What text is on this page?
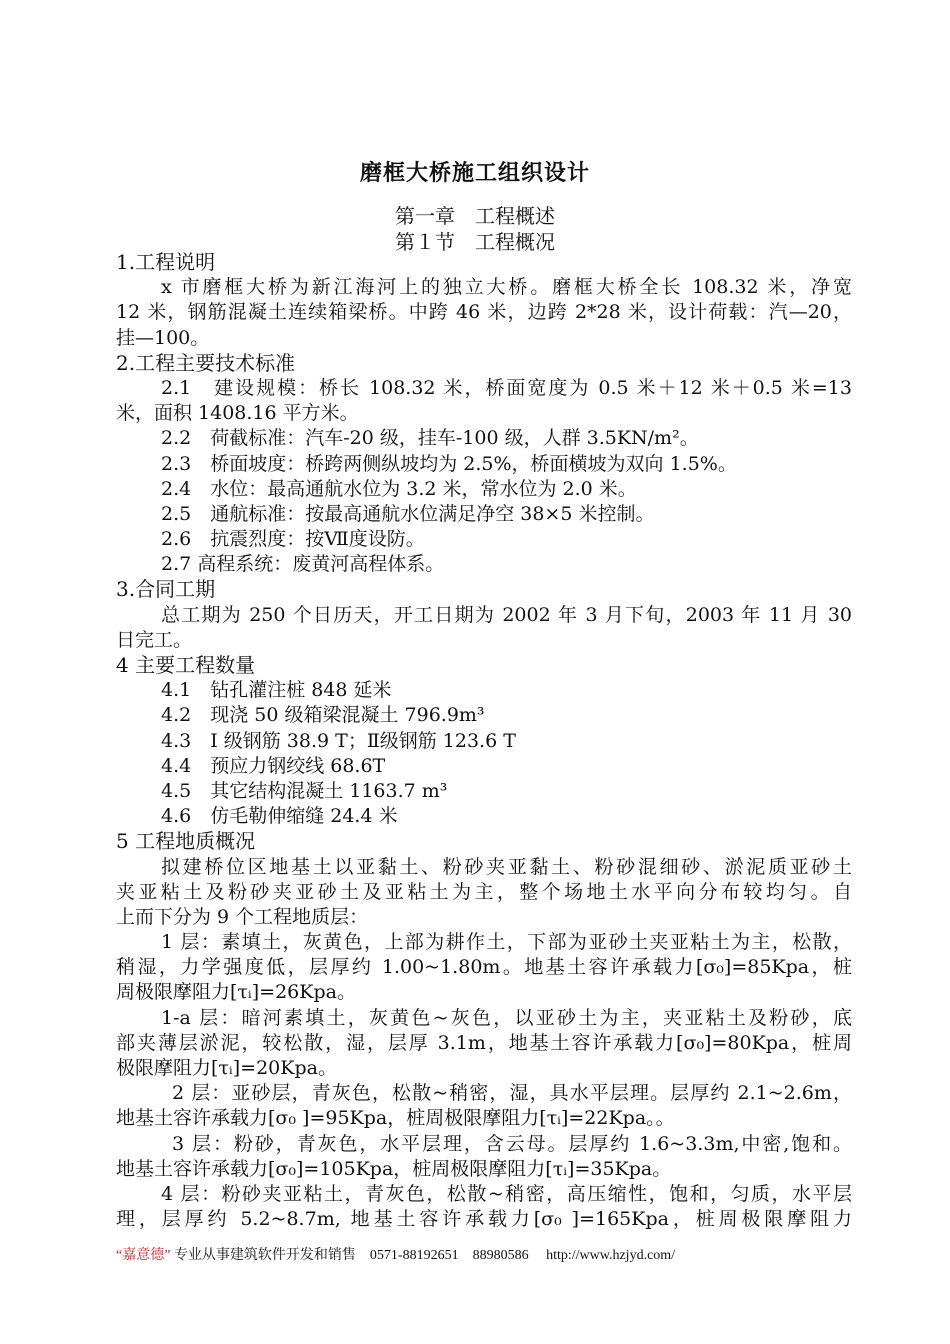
磨框大桥施工组织设计
第一章　工程概述
第１节　工程概况
1.工程说明
x 市磨框大桥为新江海河上的独立大桥。磨框大桥全长 108.32 米，净宽
12 米，钢筋混凝土连续箱梁桥。中跨 46 米，边跨 2*28 米，设计荷载：汽—20，
挂—100。
2.工程主要技术标准
2.1　建设规模：桥长 108.32 米，桥面宽度为 0.5 米＋12 米＋0.5 米=13
米，面积 1408.16 平方米。
2.2　荷截标准：汽车-20 级，挂车-100 级，人群 3.5KN/m²。
2.3　桥面坡度：桥跨两侧纵坡均为 2.5%，桥面横坡为双向 1.5%。
2.4　水位：最高通航水位为 3.2 米，常水位为 2.0 米。
2.5　通航标准：按最高通航水位满足净空 38×5 米控制。
2.6　抗震烈度：按Ⅶ度设防。
2.7 高程系统：废黄河高程体系。
3.合同工期
总工期为 250 个日历天，开工日期为 2002 年 3 月下旬，2003 年 11 月 30
日完工。
4 主要工程数量
4.1　钻孔灌注桩 848 延米
4.2　现浇 50 级箱梁混凝土 796.9m³
4.3　Ⅰ 级钢筋 38.9 T；Ⅱ级钢筋 123.6 T
4.4　预应力钢绞线 68.6T
4.5　其它结构混凝土 1163.7 m³
4.6　仿毛勒伸缩缝 24.4 米
5 工程地质概况
拟建桥位区地基土以亚黏土、粉砂夹亚黏土、粉砂混细砂、淤泥质亚砂土
夹亚粘土及粉砂夹亚砂土及亚粘土为主，整个场地土水平向分布较均匀。自
上而下分为 9 个工程地质层：
1 层：素填土，灰黄色，上部为耕作土，下部为亚砂土夹亚粘土为主，松散，
稍湿，力学强度低，层厚约 1.00~1.80m。地基土容许承载力[σ₀]=85Kpa，桩
周极限摩阻力[τᵢ]=26Kpa。
1-a 层：暗河素填土，灰黄色~灰色，以亚砂土为主，夹亚粘土及粉砂，底
部夹薄层淤泥，较松散，湿，层厚 3.1m，地基土容许承载力[σ₀]=80Kpa，桩周
极限摩阻力[τᵢ]=20Kpa。
2 层：亚砂层，青灰色，松散~稍密，湿，具水平层理。层厚约 2.1~2.6m，
地基土容许承载力[σ₀ ]=95Kpa，桩周极限摩阻力[τᵢ]=22Kpa。。
3 层：粉砂，青灰色，水平层理，含云母。层厚约 1.6~3.3m,中密,饱和。
地基土容许承载力[σ₀]=105Kpa，桩周极限摩阻力[τᵢ]=35Kpa。
4 层：粉砂夹亚粘土，青灰色，松散~稍密，高压缩性，饱和，匀质，水平层
理，层厚约 5.2~8.7m, 地基土容许承载力[σ₀ ]=165Kpa，桩周极限摩阻力
“嘉意德” 专业从事建筑软件开发和销售　0571-88192651　88980586　 http://www.hzjyd.com/
